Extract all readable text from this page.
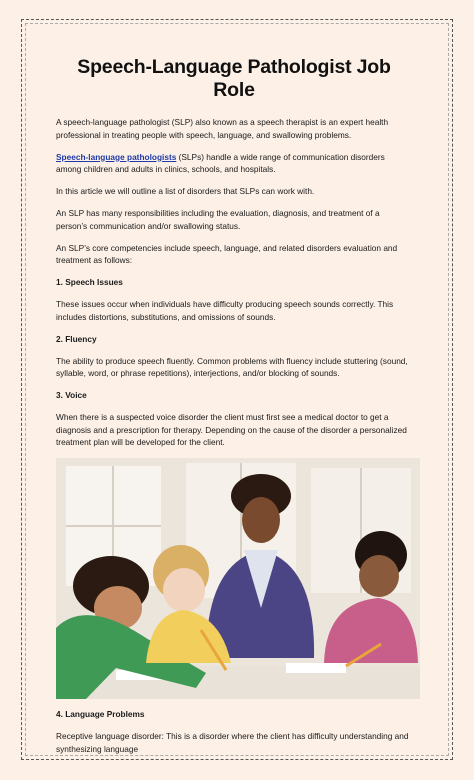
Speech-Language Pathologist Job Role

A speech-language pathologist (SLP) also known as a speech therapist is an expert health professional in treating people with speech, language, and swallowing problems.

Speech-language pathologists (SLPs) handle a wide range of communication disorders among children and adults in clinics, schools, and hospitals.

In this article we will outline a list of disorders that SLPs can work with.

An SLP has many responsibilities including the evaluation, diagnosis, and treatment of a person’s communication and/or swallowing status.

An SLP’s core competencies include speech, language, and related disorders evaluation and treatment as follows:

1. Speech Issues

These issues occur when individuals have difficulty producing speech sounds correctly. This includes distortions, substitutions, and omissions of sounds.

2. Fluency

The ability to produce speech fluently. Common problems with fluency include stuttering (sound, syllable, word, or phrase repetitions), interjections, and/or blocking of sounds.

3. Voice

When there is a suspected voice disorder the client must first see a medical doctor to get a diagnosis and a prescription for therapy. Depending on the cause of the disorder a personalized treatment plan will be developed for the client.

4. Language Problems

Receptive language disorder: This is a disorder where the client has difficulty understanding and synthesizing language
